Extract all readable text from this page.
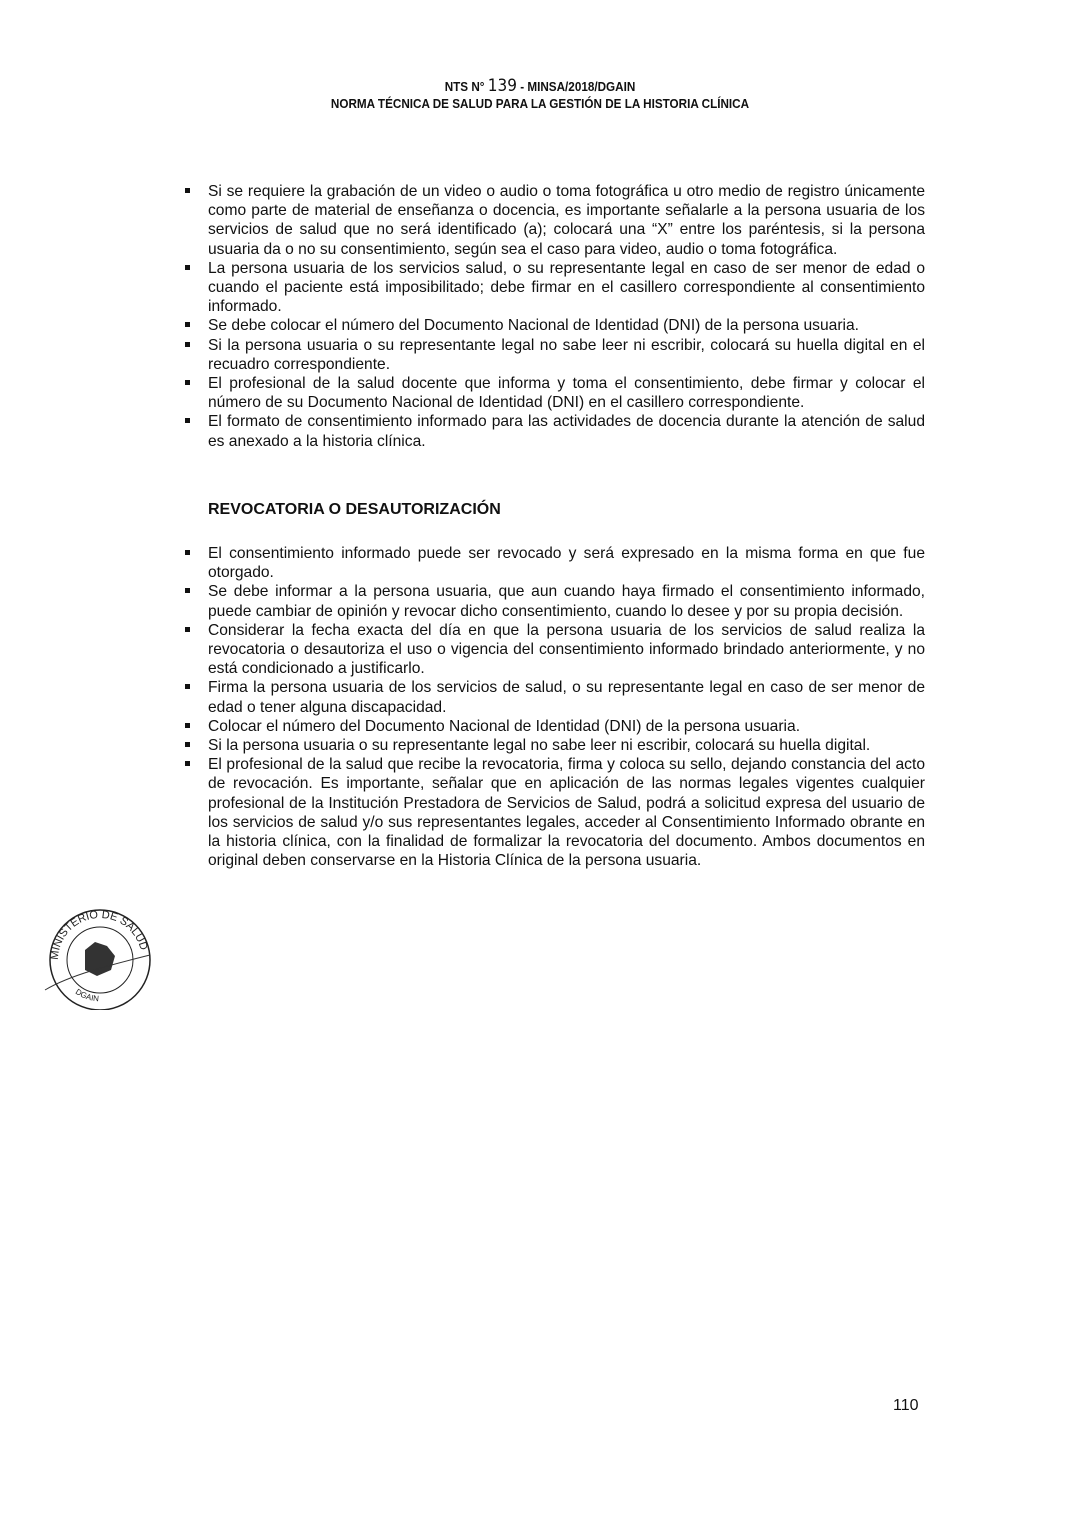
NTS N° 139 - MINSA/2018/DGAIN
NORMA TÉCNICA DE SALUD PARA LA GESTIÓN DE LA HISTORIA CLÍNICA
Si se requiere la grabación de un video o audio o toma fotográfica u otro medio de registro únicamente como parte de material de enseñanza o docencia, es importante señalarle a la persona usuaria de los servicios de salud que no será identificado (a); colocará una “X” entre los paréntesis, si la persona usuaria da o no su consentimiento, según sea el caso para video, audio o toma fotográfica.
La persona usuaria de los servicios salud, o su representante legal en caso de ser menor de edad o cuando el paciente está imposibilitado; debe firmar en el casillero correspondiente al consentimiento informado.
Se debe colocar el número del Documento Nacional de Identidad (DNI) de la persona usuaria.
Si la persona usuaria o su representante legal no sabe leer ni escribir, colocará su huella digital en el recuadro correspondiente.
El profesional de la salud docente que informa y toma el consentimiento, debe firmar y colocar el número de su Documento Nacional de Identidad (DNI) en el casillero correspondiente.
El formato de consentimiento informado para las actividades de docencia durante la atención de salud es anexado a la historia clínica.
REVOCATORIA O DESAUTORIZACIÓN
El consentimiento informado puede ser revocado y será expresado en la misma forma en que fue otorgado.
Se debe informar a la persona usuaria, que aun cuando haya firmado el consentimiento informado, puede cambiar de opinión y revocar dicho consentimiento, cuando lo desee y por su propia decisión.
Considerar la fecha exacta del día en que la persona usuaria de los servicios de salud realiza la revocatoria o desautoriza el uso o vigencia del consentimiento informado brindado anteriormente, y no está condicionado a justificarlo.
Firma la persona usuaria de los servicios de salud, o su representante legal en caso de ser menor de edad o tener alguna discapacidad.
Colocar el número del Documento Nacional de Identidad (DNI) de la persona usuaria.
Si la persona usuaria o su representante legal no sabe leer ni escribir, colocará su huella digital.
El profesional de la salud que recibe la revocatoria, firma y coloca su sello, dejando constancia del acto de revocación. Es importante, señalar que en aplicación de las normas legales vigentes cualquier profesional de la Institución Prestadora de Servicios de Salud, podrá a solicitud expresa del usuario de los servicios de salud y/o sus representantes legales, acceder al Consentimiento Informado obrante en la historia clínica, con la finalidad de formalizar la revocatoria del documento. Ambos documentos en original deben conservarse en la Historia Clínica de la persona usuaria.
MINISTERIO DE SALUD
DGAIN
110
